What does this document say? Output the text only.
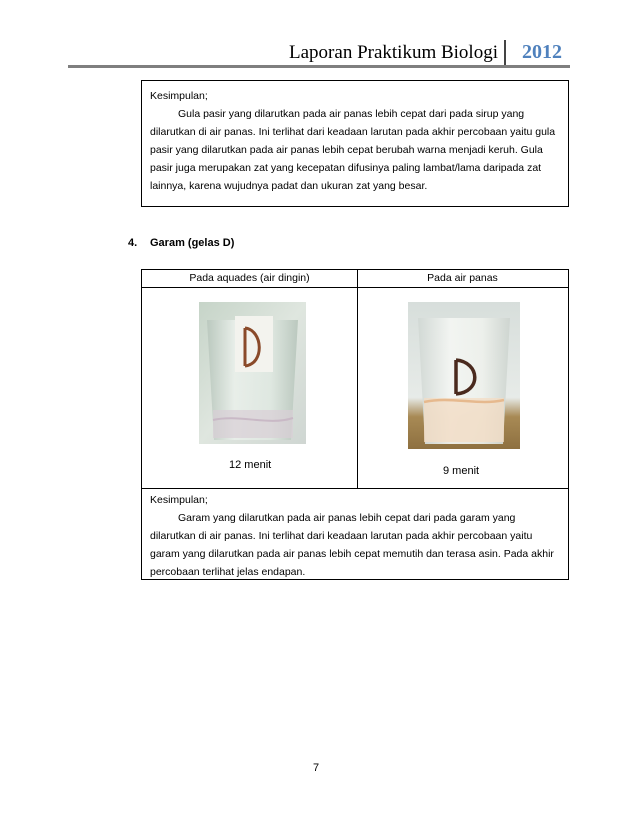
Laporan Praktikum Biologi 2012

Kesimpulan;

Gula pasir yang dilarutkan pada air panas lebih cepat dari pada sirup yang dilarutkan di air panas. Ini terlihat dari keadaan larutan pada akhir percobaan yaitu gula pasir yang dilarutkan pada air panas lebih cepat berubah warna menjadi keruh. Gula pasir juga merupakan zat yang kecepatan difusinya paling lambat/lama daripada zat lainnya, karena wujudnya padat dan ukuran zat yang besar.

4. Garam (gelas D)
Pada aquades (air dingin)	Pada air panas
12 menit	9 menit

Kesimpulan;

Garam yang dilarutkan pada air panas lebih cepat dari pada garam yang dilarutkan di air panas. Ini terlihat dari keadaan larutan pada akhir percobaan yaitu garam yang dilarutkan pada air panas lebih cepat memutih dan terasa asin. Pada akhir percobaan terlihat jelas endapan.

7
